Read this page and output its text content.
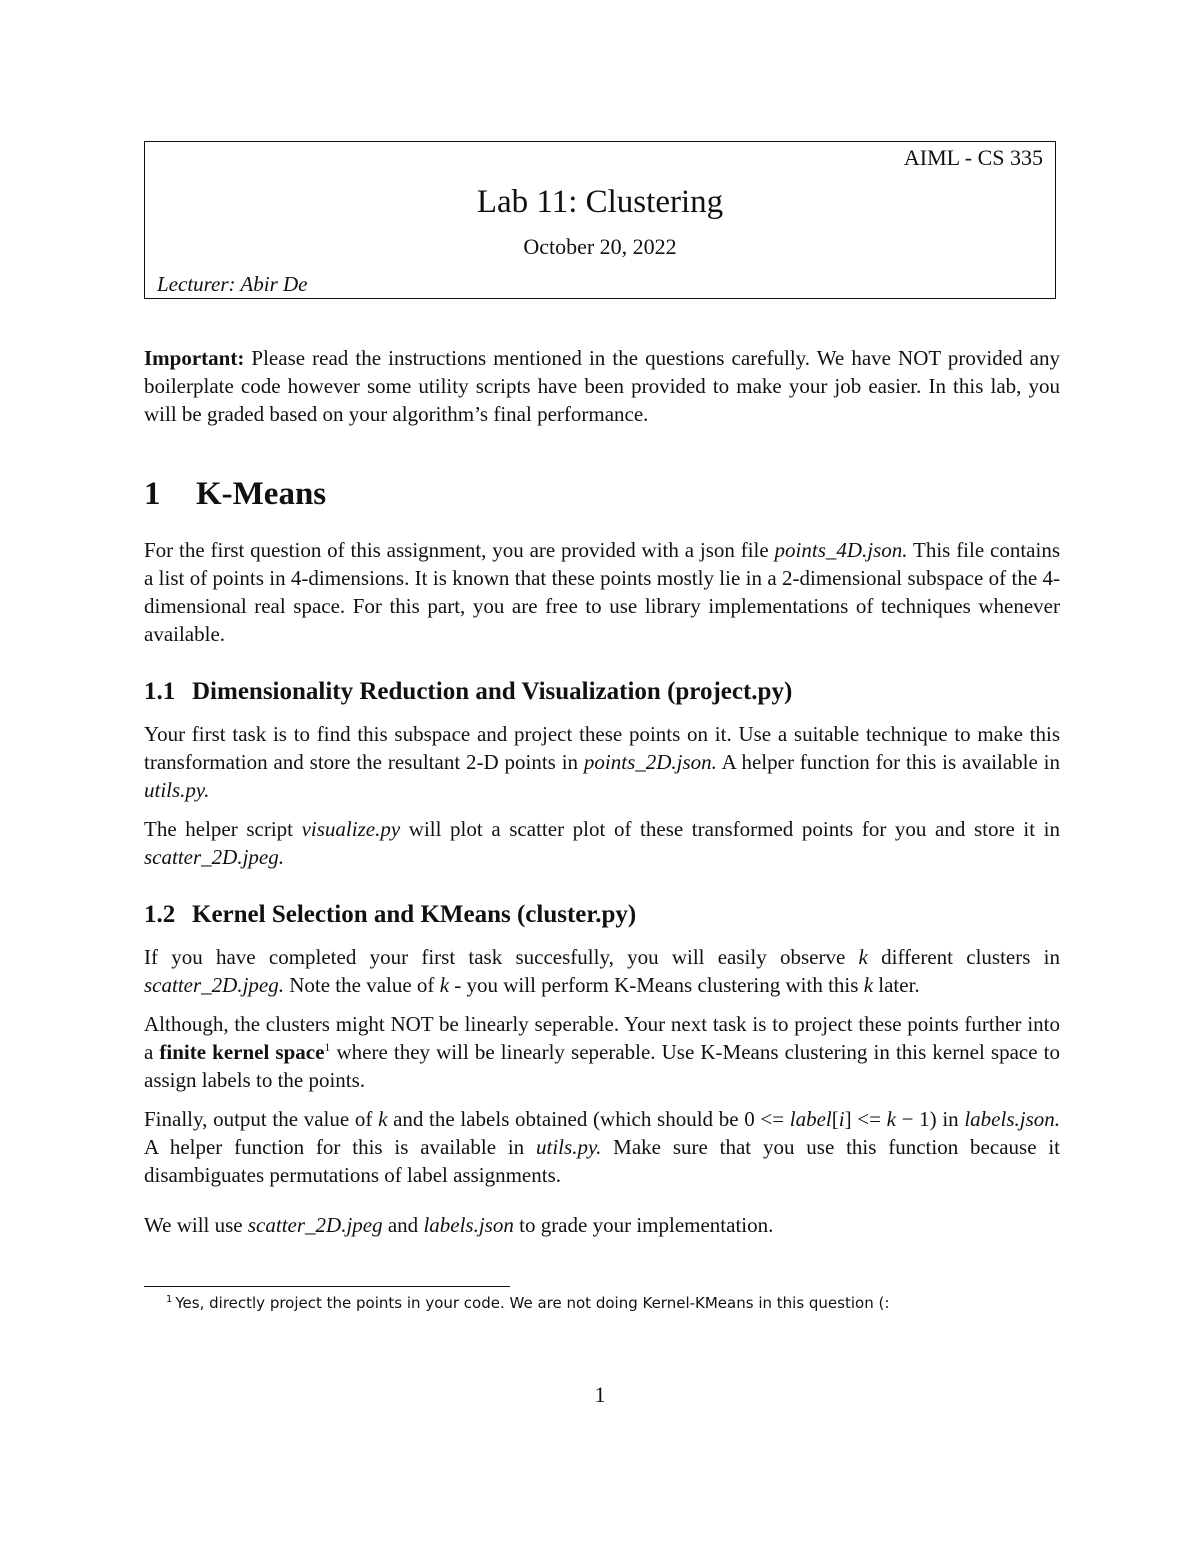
AIML - CS 335
Lab 11: Clustering
October 20, 2022
Lecturer: Abir De

Important: Please read the instructions mentioned in the questions carefully. We have NOT provided any boilerplate code however some utility scripts have been provided to make your job easier. In this lab, you will be graded based on your algorithm’s final performance.

1 K-Means

For the first question of this assignment, you are provided with a json file points_4D.json. This file contains a list of points in 4-dimensions. It is known that these points mostly lie in a 2-dimensional subspace of the 4-dimensional real space. For this part, you are free to use library implementations of techniques whenever available.

1.1 Dimensionality Reduction and Visualization (project.py)

Your first task is to find this subspace and project these points on it. Use a suitable technique to make this transformation and store the resultant 2-D points in points_2D.json. A helper function for this is available in utils.py.

The helper script visualize.py will plot a scatter plot of these transformed points for you and store it in scatter_2D.jpeg.

1.2 Kernel Selection and KMeans (cluster.py)

If you have completed your first task succesfully, you will easily observe k different clusters in scatter_2D.jpeg. Note the value of k - you will perform K-Means clustering with this k later.

Although, the clusters might NOT be linearly seperable. Your next task is to project these points further into a finite kernel space$^1$ where they will be linearly seperable. Use K-Means clustering in this kernel space to assign labels to the points.

Finally, output the value of k and the labels obtained (which should be 0 <= label[i] <= k − 1) in labels.json. A helper function for this is available in utils.py. Make sure that you use this function because it disambiguates permutations of label assignments.

We will use scatter_2D.jpeg and labels.json to grade your implementation.

$^1$ Yes, directly project the points in your code. We are not doing Kernel-KMeans in this question (:
1
